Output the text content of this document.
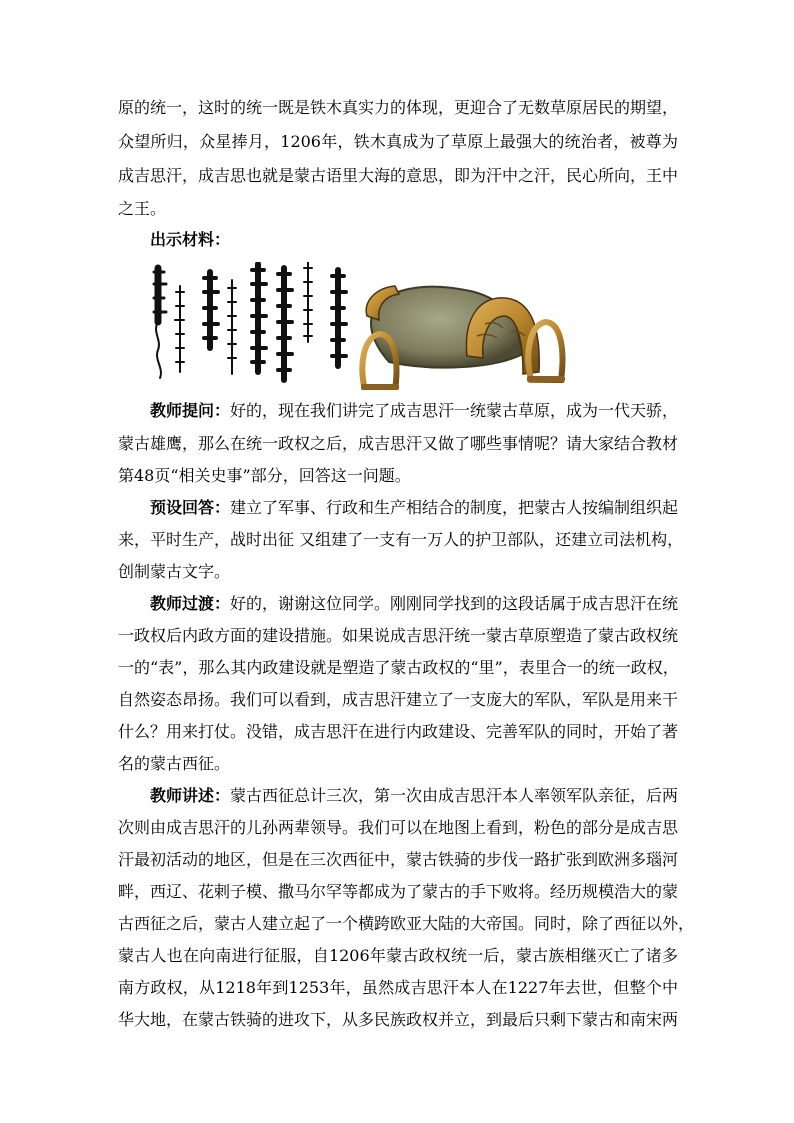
原的统一，这时的统一既是铁木真实力的体现，更迎合了无数草原居民的期望，
众望所归，众星捧月，1206年，铁木真成为了草原上最强大的统治者，被尊为
成吉思汗，成吉思也就是蒙古语里大海的意思，即为汗中之汗，民心所向，王中
之王。
出示材料：
教师提问：好的，现在我们讲完了成吉思汗一统蒙古草原，成为一代天骄，
蒙古雄鹰，那么在统一政权之后，成吉思汗又做了哪些事情呢？请大家结合教材
第48页“相关史事”部分，回答这一问题。
预设回答：建立了军事、行政和生产相结合的制度，把蒙古人按编制组织起
来，平时生产，战时出征 又组建了一支有一万人的护卫部队，还建立司法机构，
创制蒙古文字。
教师过渡：好的，谢谢这位同学。刚刚同学找到的这段话属于成吉思汗在统
一政权后内政方面的建设措施。如果说成吉思汗统一蒙古草原塑造了蒙古政权统
一的“表”，那么其内政建设就是塑造了蒙古政权的“里”，表里合一的统一政权，
自然姿态昂扬。我们可以看到，成吉思汗建立了一支庞大的军队，军队是用来干
什么？用来打仗。没错，成吉思汗在进行内政建设、完善军队的同时，开始了著
名的蒙古西征。
教师讲述：蒙古西征总计三次，第一次由成吉思汗本人率领军队亲征，后两
次则由成吉思汗的儿孙两辈领导。我们可以在地图上看到，粉色的部分是成吉思
汗最初活动的地区，但是在三次西征中，蒙古铁骑的步伐一路扩张到欧洲多瑙河
畔，西辽、花剌子模、撒马尔罕等都成为了蒙古的手下败将。经历规模浩大的蒙
古西征之后，蒙古人建立起了一个横跨欧亚大陆的大帝国。同时，除了西征以外，
蒙古人也在向南进行征服，自1206年蒙古政权统一后，蒙古族相继灭亡了诸多
南方政权，从1218年到1253年，虽然成吉思汗本人在1227年去世，但整个中
华大地，在蒙古铁骑的进攻下，从多民族政权并立，到最后只剩下蒙古和南宋两
